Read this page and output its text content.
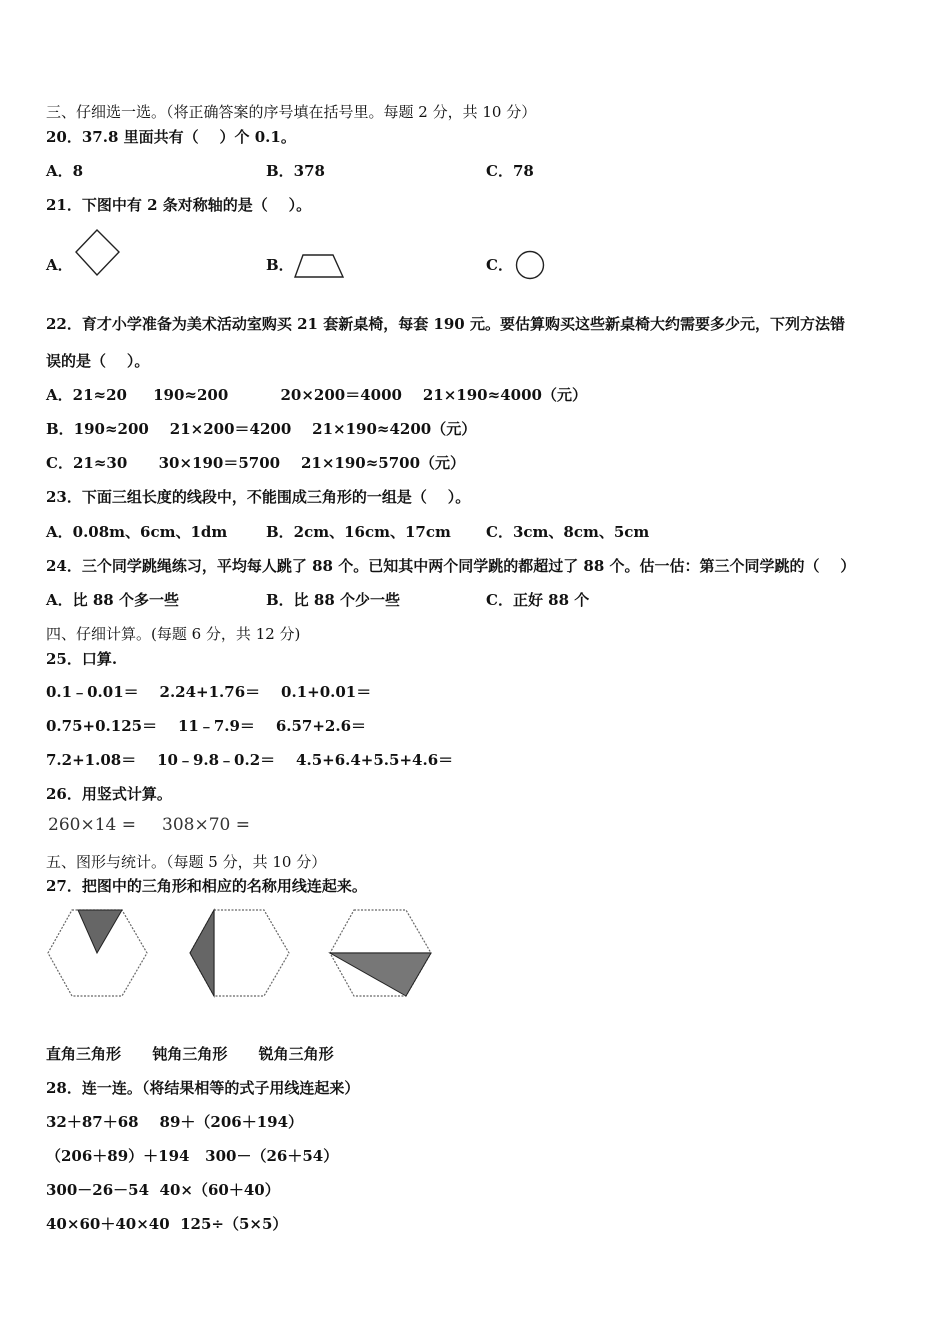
三、仔细选一选。（将正确答案的序号填在括号里。每题 2 分，共 10 分）
20．37.8 里面共有（    ）个 0.1。
A．8	B．378	C．78
21．下图中有 2 条对称轴的是（    ）。
A．	B．	C．
22．育才小学准备为美术活动室购买 21 套新桌椅，每套 190 元。要估算购买这些新桌椅大约需要多少元，下列方法错
误的是（    ）。
A．21≈20     190≈200          20×200＝4000    21×190≈4000（元）
B．190≈200    21×200＝4200    21×190≈4200（元）
C．21≈30      30×190＝5700    21×190≈5700（元）
23．下面三组长度的线段中，不能围成三角形的一组是（    ）。
A．0.08m、6cm、1dm	B．2cm、16cm、17cm C．3cm、8cm、5cm
24．三个同学跳绳练习，平均每人跳了 88 个。已知其中两个同学跳的都超过了 88 个。估一估：第三个同学跳的（    ）
A．比 88 个多一些	B．比 88 个少一些	C．正好 88 个
四、仔细计算。(每题 6 分，共 12 分)
25．口算.
0.1﹣0.01＝    2.24+1.76＝    0.1+0.01＝
0.75+0.125＝    11﹣7.9＝    6.57+2.6＝
7.2+1.08＝    10﹣9.8﹣0.2＝    4.5+6.4+5.5+4.6＝
26．用竖式计算。
260×14 = 308×70 =
五、图形与统计。（每题 5 分，共 10 分）
27．把图中的三角形和相应的名称用线连起来。
直角三角形      钝角三角形      锐角三角形
28．连一连。（将结果相等的式子用线连起来）
32＋87＋68    89＋（206＋194）
（206＋89）＋194   300－（26＋54）
300－26－54  40×（60＋40）
40×60＋40×40  125÷（5×5）
